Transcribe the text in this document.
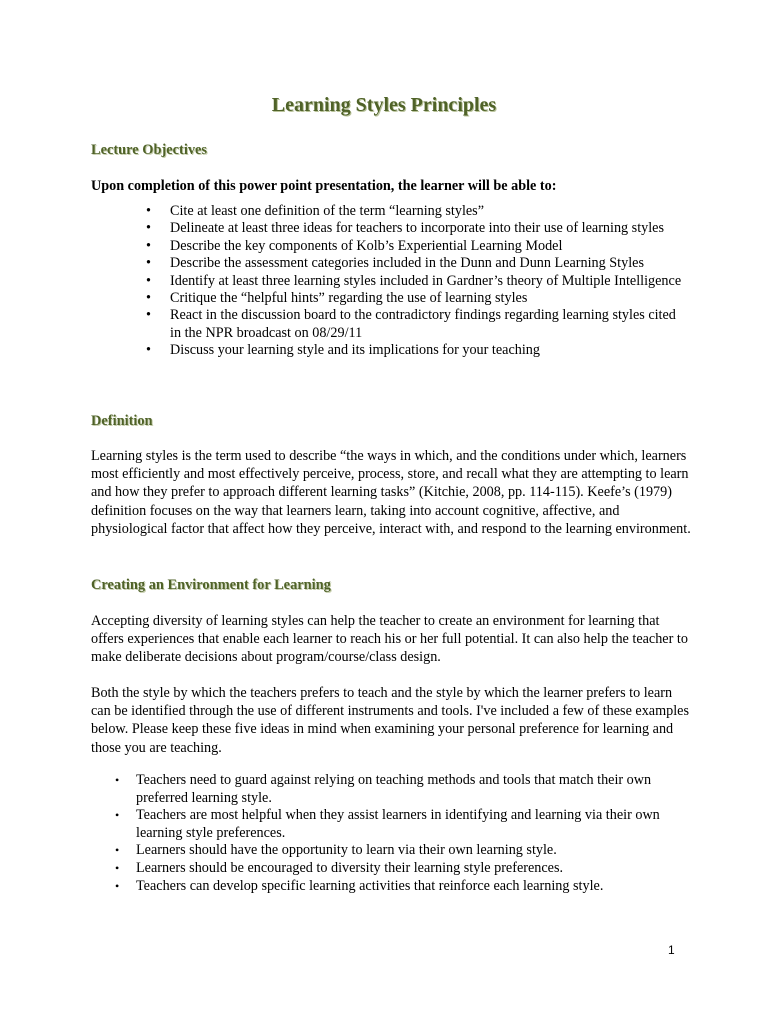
Learning Styles Principles
Lecture Objectives
Upon completion of this power point presentation, the learner will be able to:
• Cite at least one definition of the term “learning styles”
• Delineate at least three ideas for teachers to incorporate into their use of learning styles
• Describe the key components of Kolb’s Experiential Learning Model
• Describe the assessment categories included in the Dunn and Dunn Learning Styles
• Identify at least three learning styles included in Gardner’s theory of Multiple Intelligence
• Critique the “helpful hints” regarding the use of learning styles
• React in the discussion board to the contradictory findings regarding learning styles cited in the NPR broadcast on 08/29/11
• Discuss your learning style and its implications for your teaching
Definition
Learning styles is the term used to describe “the ways in which, and the conditions under which, learners most efficiently and most effectively perceive, process, store, and recall what they are attempting to learn and how they prefer to approach different learning tasks” (Kitchie, 2008, pp. 114-115). Keefe’s (1979) definition focuses on the way that learners learn, taking into account cognitive, affective, and physiological factor that affect how they perceive, interact with, and respond to the learning environment.
Creating an Environment for Learning
Accepting diversity of learning styles can help the teacher to create an environment for learning that offers experiences that enable each learner to reach his or her full potential. It can also help the teacher to make deliberate decisions about program/course/class design.
Both the style by which the teachers prefers to teach and the style by which the learner prefers to learn can be identified through the use of different instruments and tools. I've included a few of these examples below. Please keep these five ideas in mind when examining your personal preference for learning and those you are teaching.
• Teachers need to guard against relying on teaching methods and tools that match their own preferred learning style.
• Teachers are most helpful when they assist learners in identifying and learning via their own learning style preferences.
• Learners should have the opportunity to learn via their own learning style.
• Learners should be encouraged to diversity their learning style preferences.
• Teachers can develop specific learning activities that reinforce each learning style.
1
